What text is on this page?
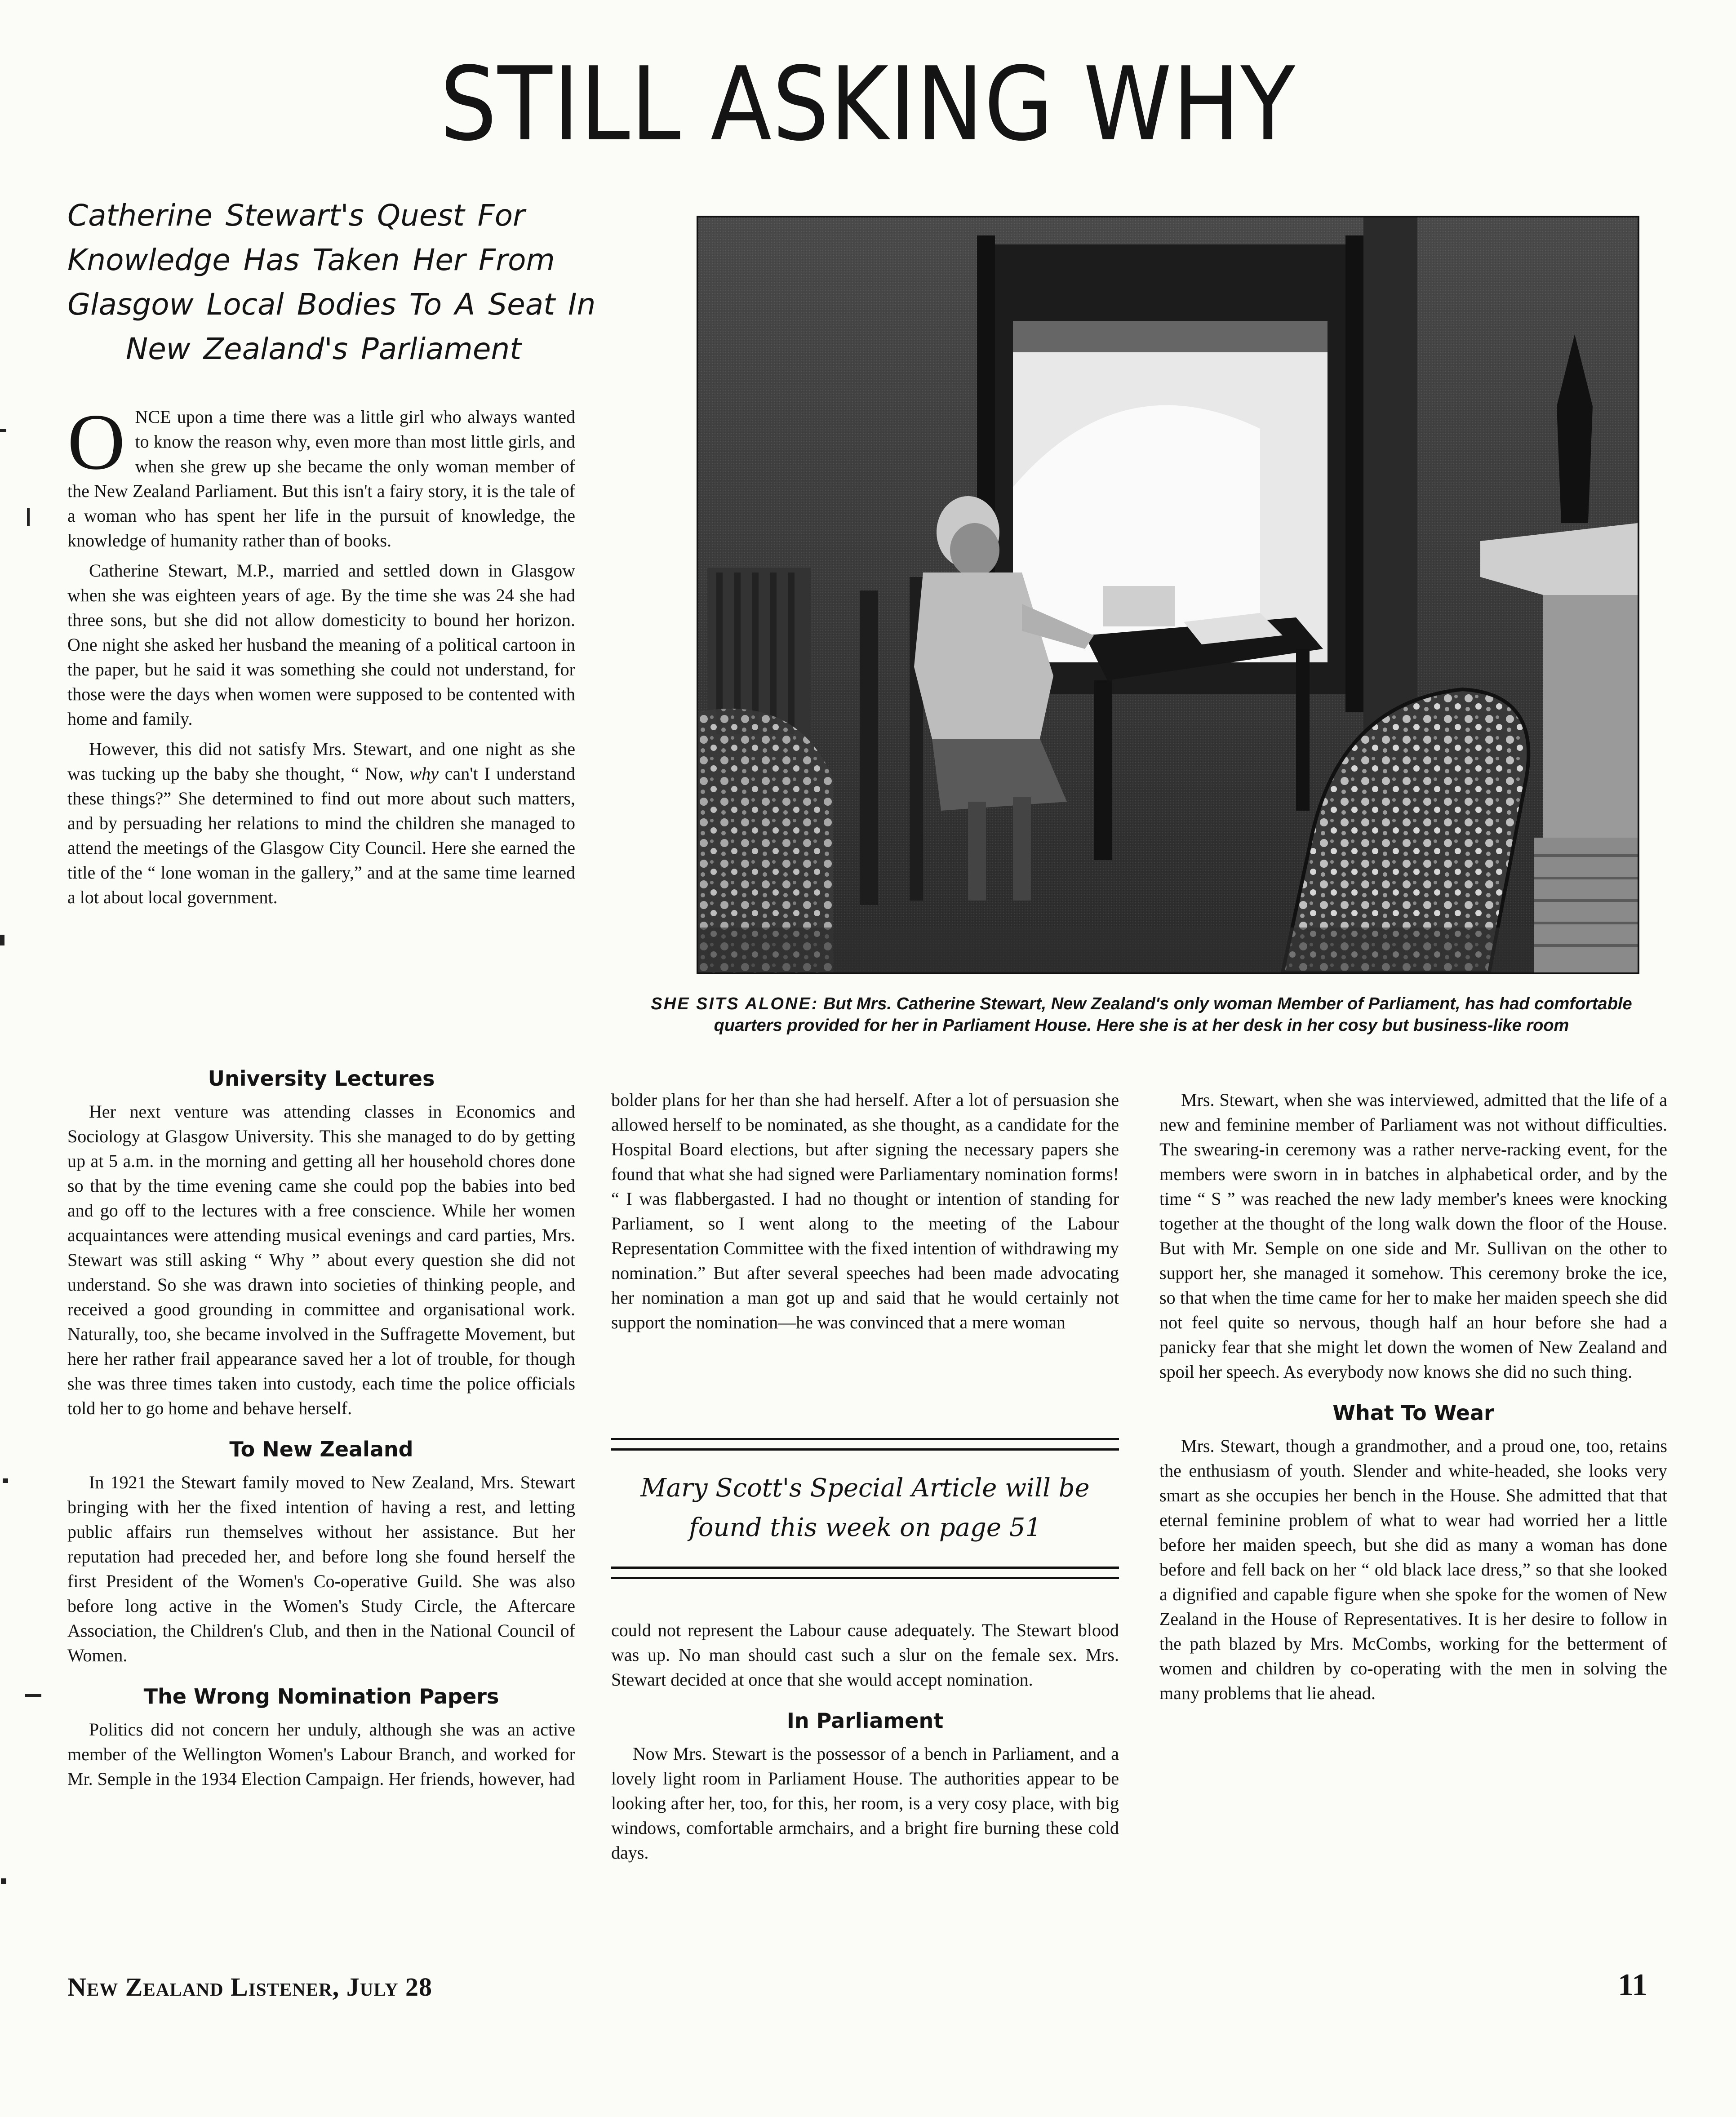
STILL ASKING WHY
Catherine Stewart's Quest For
Knowledge Has Taken Her From
Glasgow Local Bodies To A Seat In
New Zealand's Parliament

ONCE upon a time there was a little girl who always wanted to know the reason why, even more than most little girls, and when she grew up she became the only woman member of the New Zealand Parliament. But this isn't a fairy story, it is the tale of a woman who has spent her life in the pursuit of knowledge, the knowledge of humanity rather than of books.

Catherine Stewart, M.P., married and settled down in Glasgow when she was eighteen years of age. By the time she was 24 she had three sons, but she did not allow domesticity to bound her horizon. One night she asked her husband the meaning of a political cartoon in the paper, but he said it was something she could not understand, for those were the days when women were supposed to be contented with home and family.

However, this did not satisfy Mrs. Stewart, and one night as she was tucking up the baby she thought, “ Now, why can't I understand these things?” She determined to find out more about such matters, and by persuading her relations to mind the children she managed to attend the meetings of the Glasgow City Council. Here she earned the title of the “ lone woman in the gallery,” and at the same time learned a lot about local government.

University Lectures

Her next venture was attending classes in Economics and Sociology at Glasgow University. This she managed to do by getting up at 5 a.m. in the morning and getting all her household chores done so that by the time evening came she could pop the babies into bed and go off to the lectures with a free conscience. While her women acquaintances were attending musical evenings and card parties, Mrs. Stewart was still asking “ Why ” about every question she did not understand. So she was drawn into societies of thinking people, and received a good grounding in committee and organisational work. Naturally, too, she became involved in the Suffragette Movement, but here her rather frail appearance saved her a lot of trouble, for though she was three times taken into custody, each time the police officials told her to go home and behave herself.

To New Zealand

In 1921 the Stewart family moved to New Zealand, Mrs. Stewart bringing with her the fixed intention of having a rest, and letting public affairs run themselves without her assistance. But her reputation had preceded her, and before long she found herself the first President of the Women's Co-operative Guild. She was also before long active in the Women's Study Circle, the Aftercare Association, the Children's Club, and then in the National Council of Women.

The Wrong Nomination Papers

Politics did not concern her unduly, although she was an active member of the Wellington Women's Labour Branch, and worked for Mr. Semple in the 1934 Election Campaign. Her friends, however, had

SHE SITS ALONE: But Mrs. Catherine Stewart, New Zealand's only woman Member of Parliament, has had comfortable quarters provided for her in Parliament House. Here she is at her desk in her cosy but business-like room

bolder plans for her than she had herself. After a lot of persuasion she allowed herself to be nominated, as she thought, as a candidate for the Hospital Board elections, but after signing the necessary papers she found that what she had signed were Parliamentary nomination forms! “ I was flabbergasted. I had no thought or intention of standing for Parliament, so I went along to the meeting of the Labour Representation Committee with the fixed intention of withdrawing my nomination.” But after several speeches had been made advocating her nomination a man got up and said that he would certainly not support the nomination—he was convinced that a mere woman

Mary Scott's Special Article will be found this week on page 51

could not represent the Labour cause adequately. The Stewart blood was up. No man should cast such a slur on the female sex. Mrs. Stewart decided at once that she would accept nomination.

In Parliament

Now Mrs. Stewart is the possessor of a bench in Parliament, and a lovely light room in Parliament House. The authorities appear to be looking after her, too, for this, her room, is a very cosy place, with big windows, comfortable armchairs, and a bright fire burning these cold days.

Mrs. Stewart, when she was interviewed, admitted that the life of a new and feminine member of Parliament was not without difficulties. The swearing-in ceremony was a rather nerve-racking event, for the members were sworn in in batches in alphabetical order, and by the time “ S ” was reached the new lady member's knees were knocking together at the thought of the long walk down the floor of the House. But with Mr. Semple on one side and Mr. Sullivan on the other to support her, she managed it somehow. This ceremony broke the ice, so that when the time came for her to make her maiden speech she did not feel quite so nervous, though half an hour before she had a panicky fear that she might let down the women of New Zealand and spoil her speech. As everybody now knows she did no such thing.

What To Wear

Mrs. Stewart, though a grandmother, and a proud one, too, retains the enthusiasm of youth. Slender and white-headed, she looks very smart as she occupies her bench in the House. She admitted that that eternal feminine problem of what to wear had worried her a little before her maiden speech, but she did as many a woman has done before and fell back on her “ old black lace dress,” so that she looked a dignified and capable figure when she spoke for the women of New Zealand in the House of Representatives. It is her desire to follow in the path blazed by Mrs. McCombs, working for the betterment of women and children by co-operating with the men in solving the many problems that lie ahead.

New Zealand Listener, July 28	11
